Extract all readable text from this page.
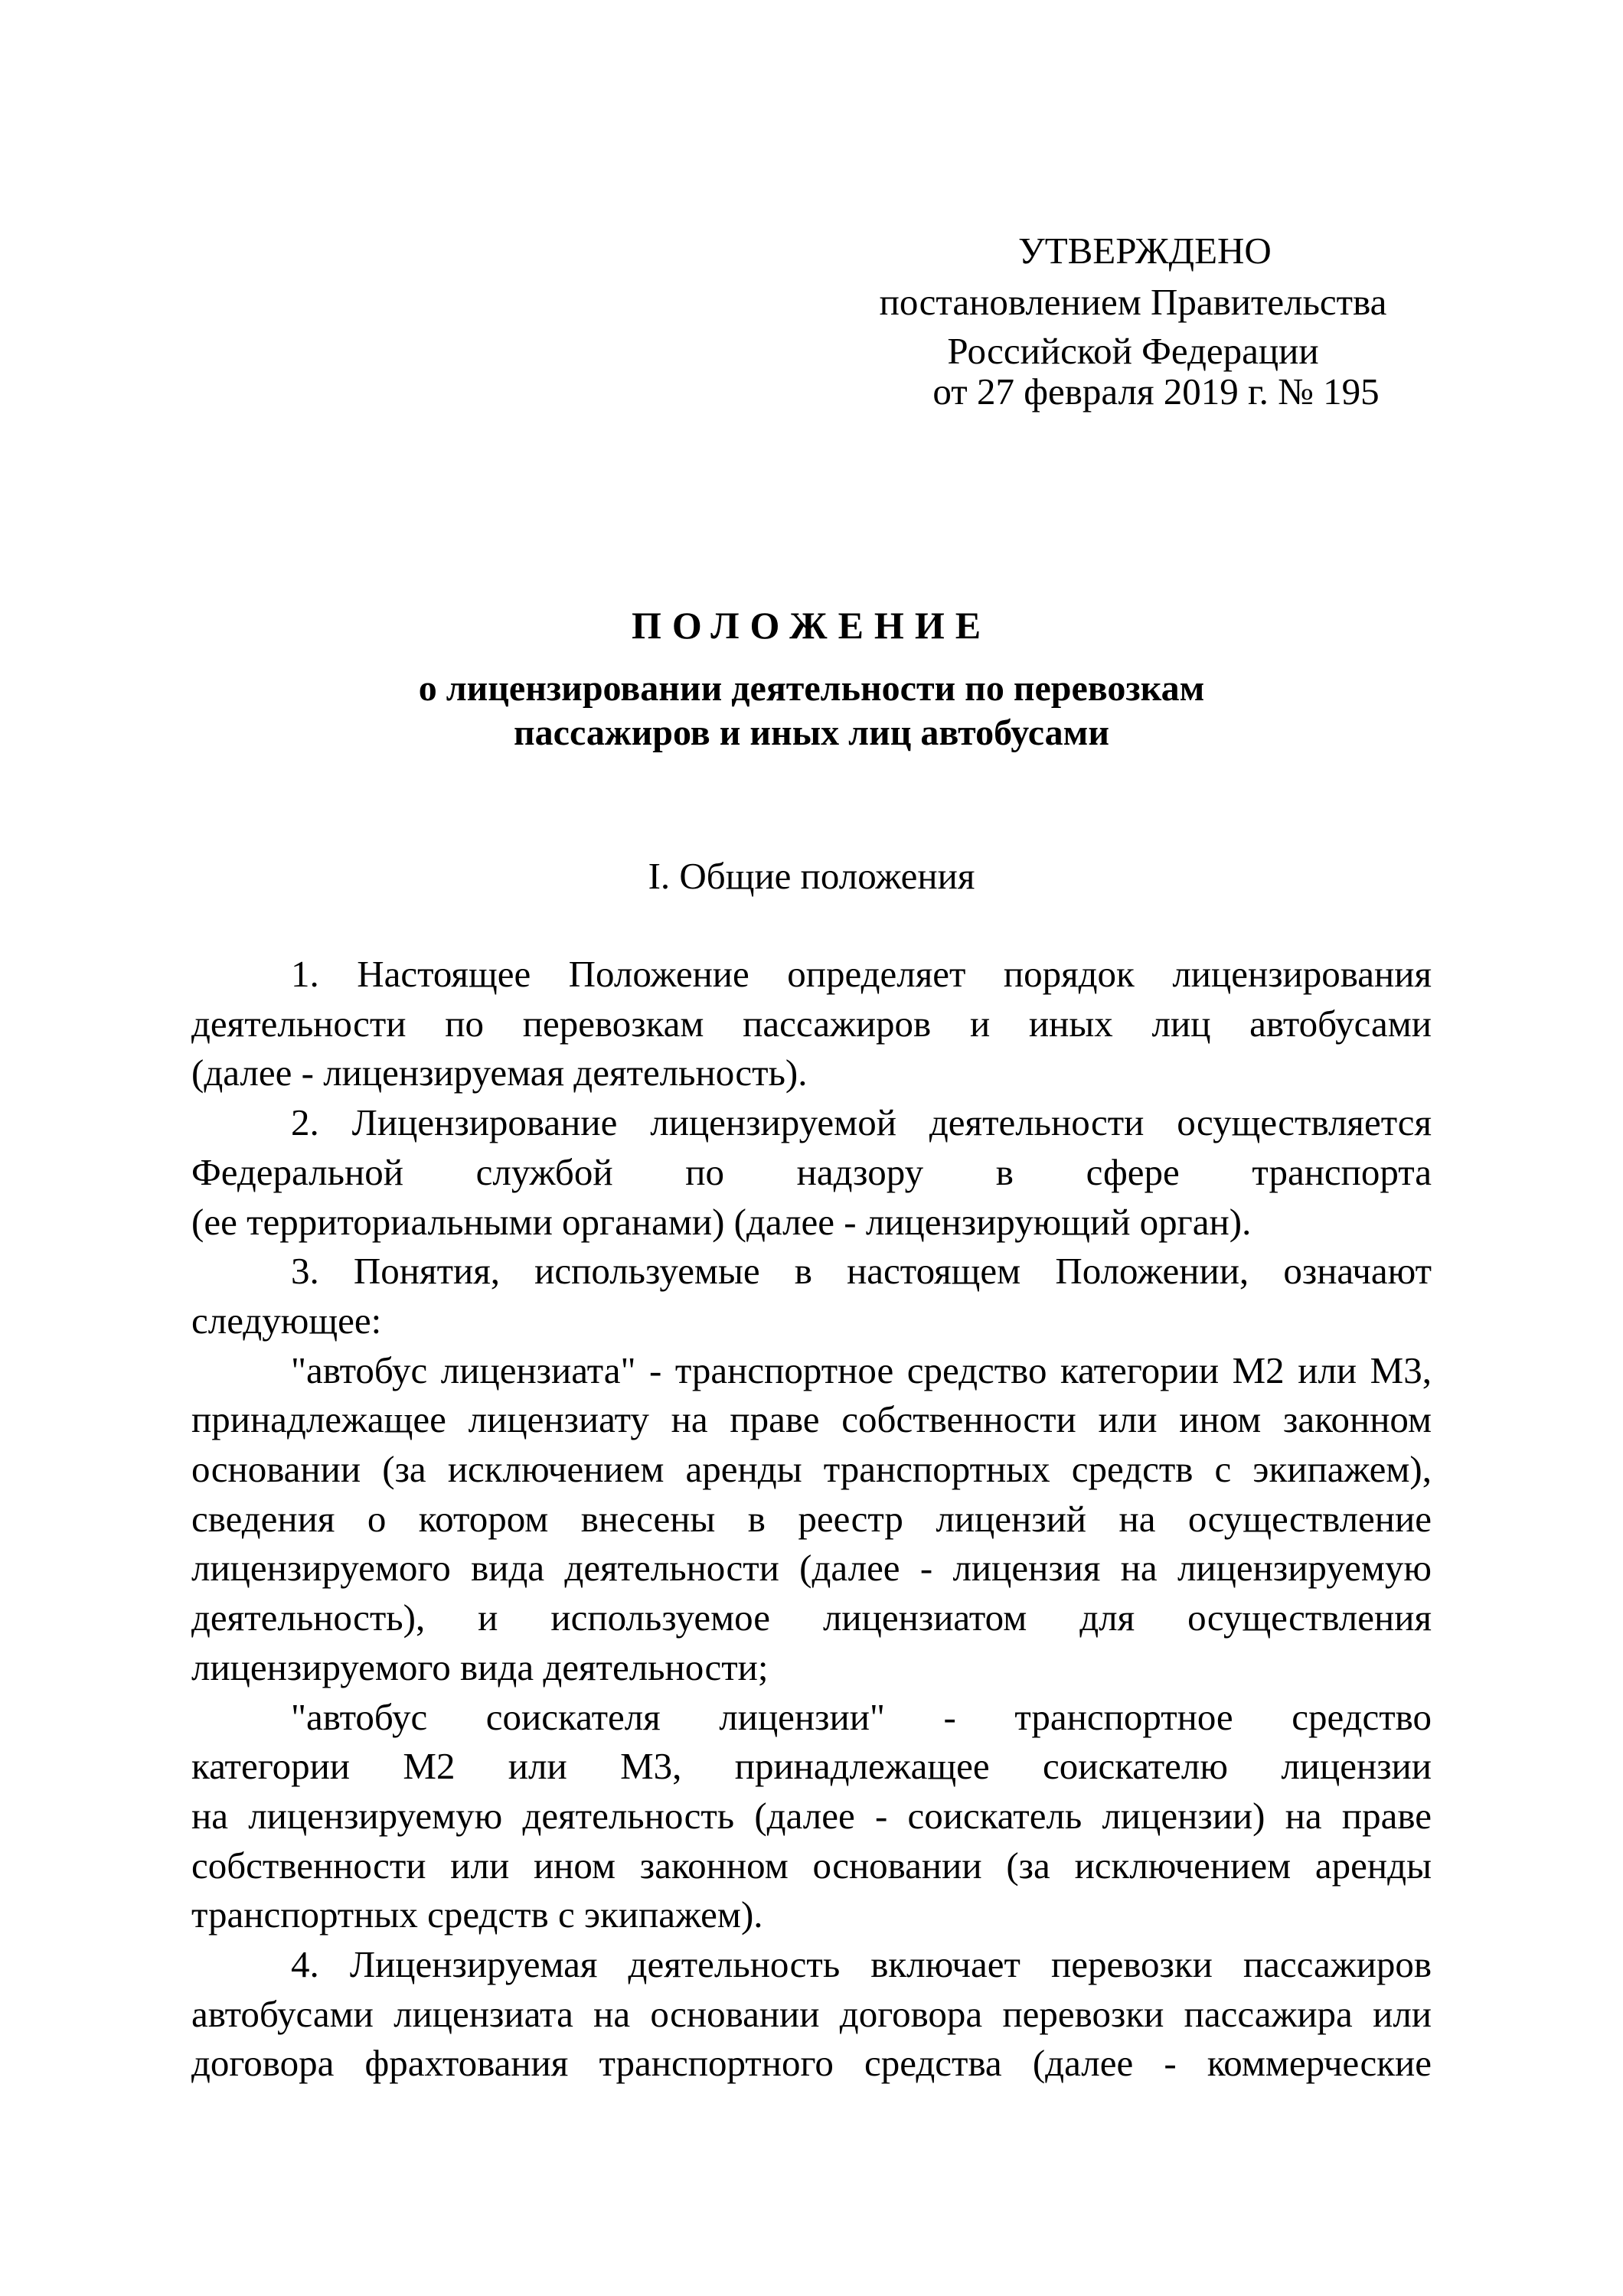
УТВЕРЖДЕНО
постановлением Правительства
Российской Федерации
от 27 февраля 2019 г. № 195
ПОЛОЖЕНИЕ
о лицензировании деятельности по перевозкам
пассажиров и иных лиц автобусами
I. Общие положения
1. Настоящее Положение определяет порядок лицензирования
деятельности по перевозкам пассажиров и иных лиц автобусами
(далее - лицензируемая деятельность).
2. Лицензирование лицензируемой деятельности осуществляется
Федеральной службой по надзору в сфере транспорта
(ее территориальными органами) (далее - лицензирующий орган).
3. Понятия, используемые в настоящем Положении, означают
следующее:
"автобус лицензиата" - транспортное средство категории М2 или М3,
принадлежащее лицензиату на праве собственности или ином законном
основании (за исключением аренды транспортных средств с экипажем),
сведения о котором внесены в реестр лицензий на осуществление
лицензируемого вида деятельности (далее - лицензия на лицензируемую
деятельность), и используемое лицензиатом для осуществления
лицензируемого вида деятельности;
"автобус соискателя лицензии" - транспортное средство
категории М2 или М3, принадлежащее соискателю лицензии
на лицензируемую деятельность (далее - соискатель лицензии) на праве
собственности или ином законном основании (за исключением аренды
транспортных средств с экипажем).
4. Лицензируемая деятельность включает перевозки пассажиров
автобусами лицензиата на основании договора перевозки пассажира или
договора фрахтования транспортного средства (далее - коммерческие
